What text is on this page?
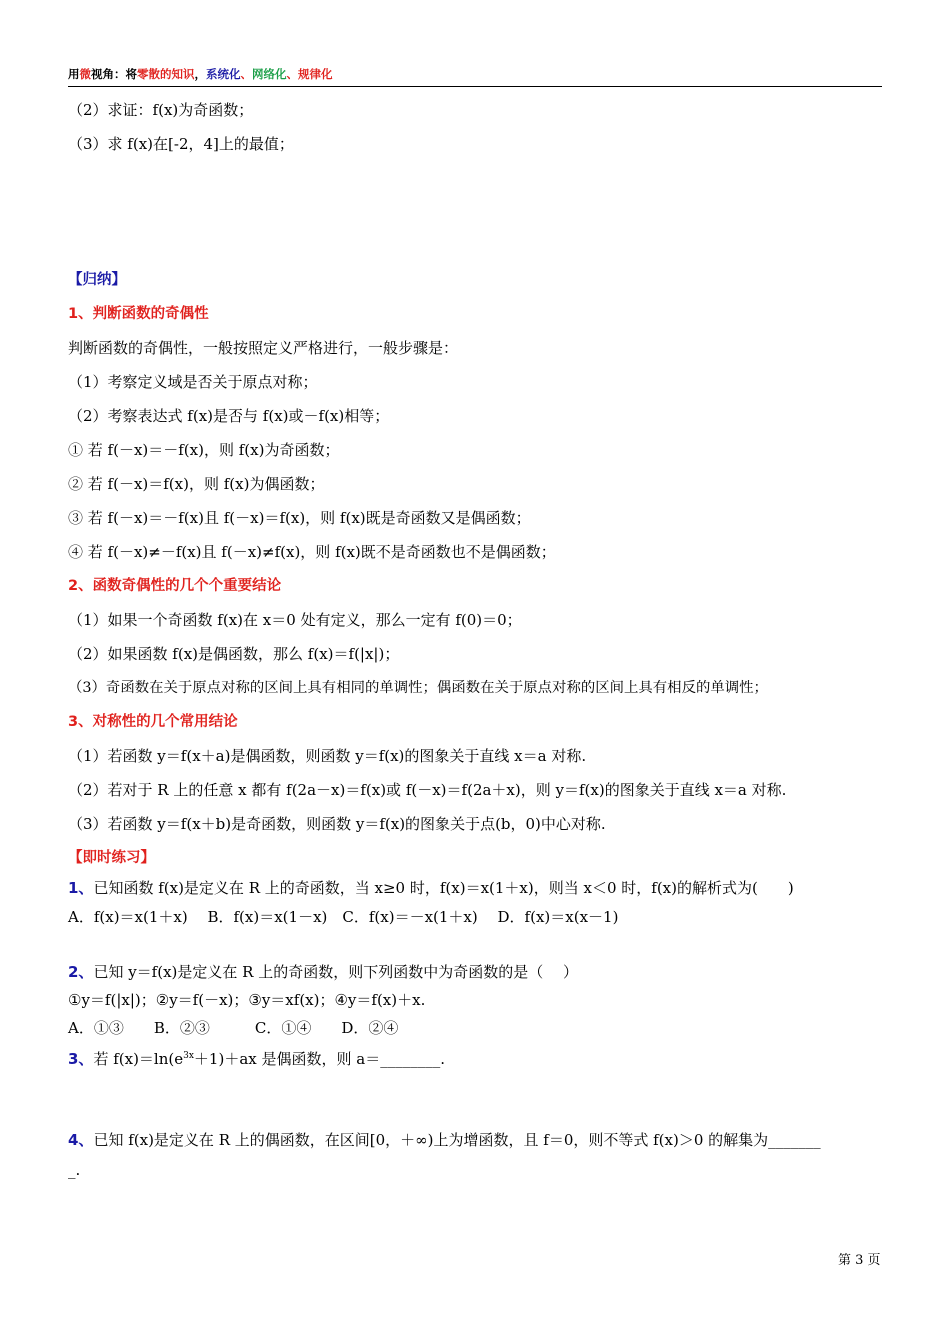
用微视角：将零散的知识，系统化、网络化、规律化
（2）求证：f(x)为奇函数；
（3）求 f(x)在[-2，4]上的最值；
【归纳】
1、判断函数的奇偶性
判断函数的奇偶性，一般按照定义严格进行，一般步骤是：
（1）考察定义域是否关于原点对称；
（2）考察表达式 f(x)是否与 f(x)或－f(x)相等；
① 若 f(－x)＝－f(x)，则 f(x)为奇函数；
② 若 f(－x)＝f(x)，则 f(x)为偶函数；
③ 若 f(－x)＝－f(x)且 f(－x)＝f(x)，则 f(x)既是奇函数又是偶函数；
④ 若 f(－x)≠－f(x)且 f(－x)≠f(x)，则 f(x)既不是奇函数也不是偶函数；
2、函数奇偶性的几个个重要结论
（1）如果一个奇函数 f(x)在 x＝0 处有定义，那么一定有 f(0)＝0；
（2）如果函数 f(x)是偶函数，那么 f(x)＝f(|x|)；
（3）奇函数在关于原点对称的区间上具有相同的单调性；偶函数在关于原点对称的区间上具有相反的单调性；
3、对称性的几个常用结论
（1）若函数 y＝f(x＋a)是偶函数，则函数 y＝f(x)的图象关于直线 x＝a 对称.
（2）若对于 R 上的任意 x 都有 f(2a－x)＝f(x)或 f(－x)＝f(2a＋x)，则 y＝f(x)的图象关于直线 x＝a 对称.
（3）若函数 y＝f(x＋b)是奇函数，则函数 y＝f(x)的图象关于点(b，0)中心对称.
【即时练习】
1、已知函数 f(x)是定义在 R 上的奇函数，当 x≥0 时，f(x)＝x(1＋x)，则当 x＜0 时，f(x)的解析式为(　　)
A．f(x)＝x(1＋x)　 B．f(x)＝x(1－x)　C．f(x)＝－x(1＋x)　 D．f(x)＝x(x－1)
2、已知 y＝f(x)是定义在 R 上的奇函数，则下列函数中为奇函数的是（　 ）
①y＝f(|x|)；②y＝f(－x)；③y＝xf(x)；④y＝f(x)＋x.
A．①③　　B．②③　　　C．①④　　D．②④
3、若 $f(x)=\ln(e^{3x}+1)+ax$ 是偶函数，则 a＝________.
4、已知 f(x)是定义在 R 上的偶函数，在区间[0，＋∞)上为增函数，且 f＝0，则不等式 f(x)＞0 的解集为_______
_.
第 3 页
